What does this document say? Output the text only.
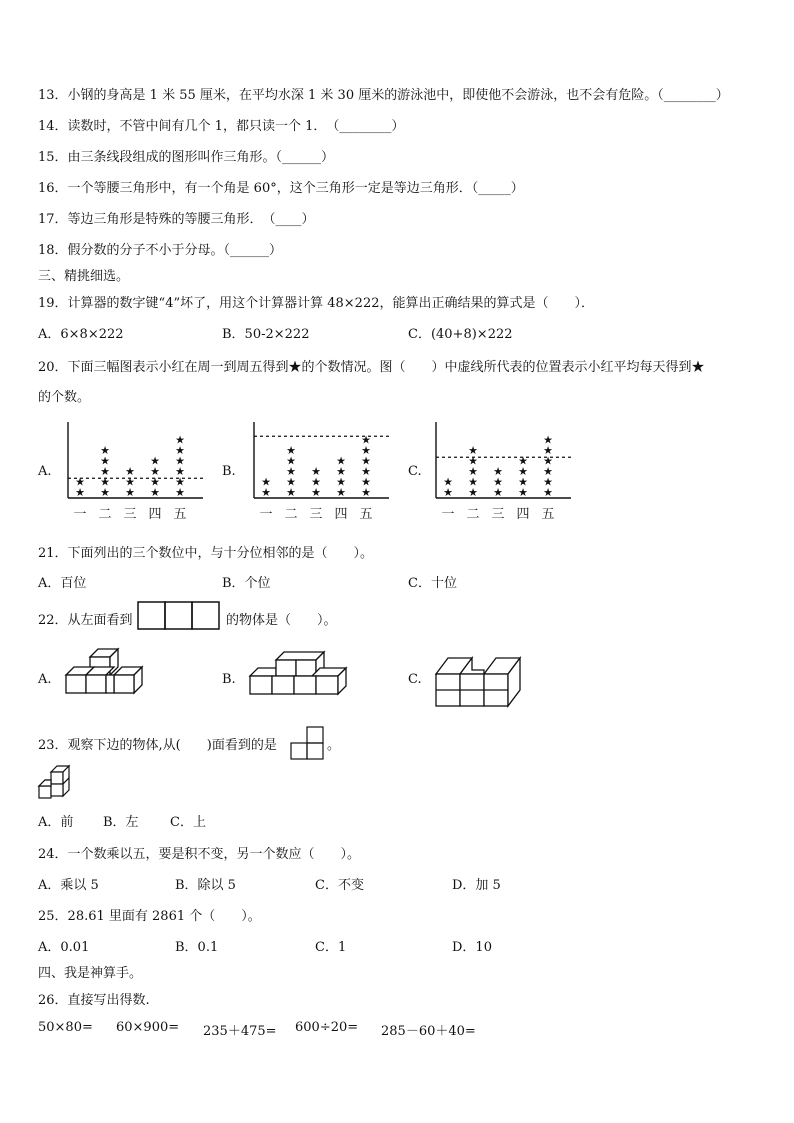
13．小钢的身高是 1 米 55 厘米，在平均水深 1 米 30 厘米的游泳池中，即使他不会游泳，也不会有危险。（________）
14．读数时，不管中间有几个 1，都只读一个 1．　（________）
15．由三条线段组成的图形叫作三角形。（______）
16．一个等腰三角形中，有一个角是 60°，这个三角形一定是等边三角形．（_____）
17．等边三角形是特殊的等腰三角形．　（____）
18．假分数的分子不小于分母。（______）
三、精挑细选。
19．计算器的数字键“4”坏了，用这个计算器计算 48×222，能算出正确结果的算式是（　　）．
A．6×8×222	B．50-2×222	C．(40+8)×222
20．下面三幅图表示小红在周一到周五得到★的个数情况。图（　　）中虚线所代表的位置表示小红平均每天得到★
的个数。
A.	B.	C.
★
★
一
★
★
★
★
★
二
★
★
★
三
★
★
★
★
四
★
★
★
★
★
★
五
★
★
一
★
★
★
★
★
二
★
★
★
三
★
★
★
★
四
★
★
★
★
★
★
五
★
★
一
★
★
★
★
★
二
★
★
★
三
★
★
★
★
四
★
★
★
★
★
★
五
21．下面列出的三个数位中，与十分位相邻的是（　　）。
A．百位	B．个位	C．十位
22．从左面看到	的物体是（　　）。
A.	B.	C.
23．观察下边的物体,从(　　)面看到的是	。
A．前 B．左 C．上
24．一个数乘以五，要是积不变，另一个数应（　　）。
A．乘以 5	B．除以 5	C．不变	D．加 5
25．28.61 里面有 2861 个（　　）。
A．0.01	B．0.1	C．1	D．10
四、我是神算手。
26．直接写出得数.
50×80= 60×900= 235＋475= 600÷20= 285－60＋40=
